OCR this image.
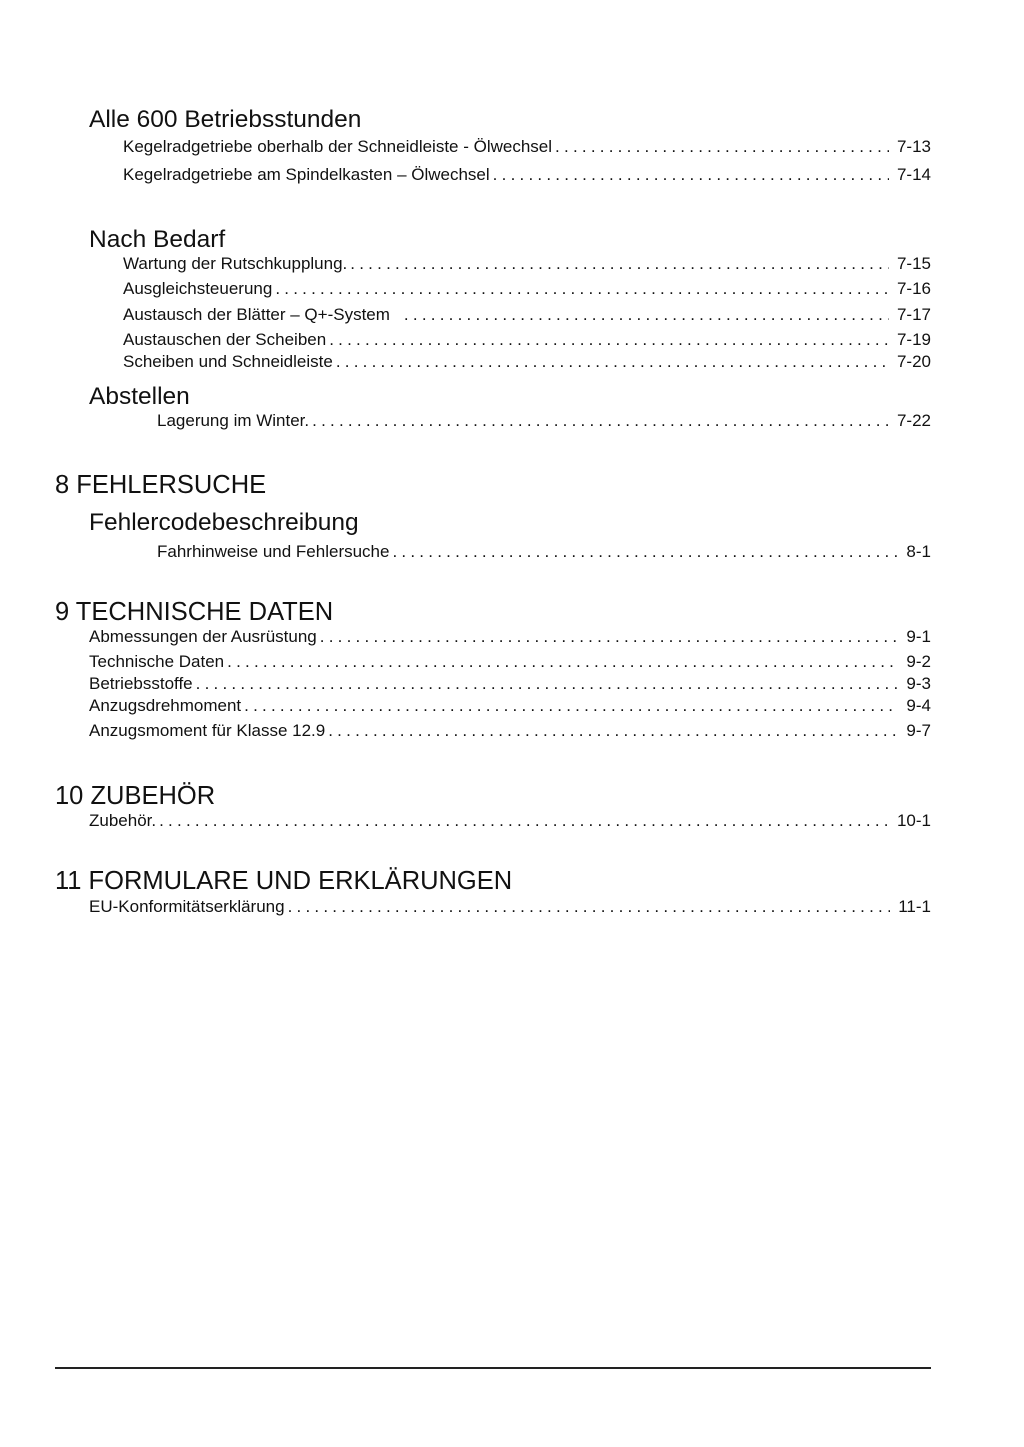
Alle 600 Betriebsstunden
Kegelradgetriebe oberhalb der Schneidleiste - Ölwechsel . . .	7-13
Kegelradgetriebe am Spindelkasten – Ölwechsel . . .	7-14
Nach Bedarf
Wartung der Rutschkupplung. . . .	7-15
Ausgleichsteuerung . . .	7-16
Austausch der Blätter – Q+-System . . .	7-17
Austauschen der Scheiben . . .	7-19
Scheiben und Schneidleiste . . .	7-20
Abstellen
Lagerung im Winter. . . .	7-22
8 FEHLERSUCHE
Fehlercodebeschreibung
Fahrhinweise und Fehlersuche . . .	8-1
9 TECHNISCHE DATEN
Abmessungen der Ausrüstung . . .	9-1
Technische Daten . . .	9-2
Betriebsstoffe . . .	9-3
Anzugsdrehmoment . . .	9-4
Anzugsmoment für Klasse 12.9 . . .	9-7
10 ZUBEHÖR
Zubehör. . . .	10-1
11 FORMULARE UND ERKLÄRUNGEN
EU-Konformitätserklärung . . .	11-1
